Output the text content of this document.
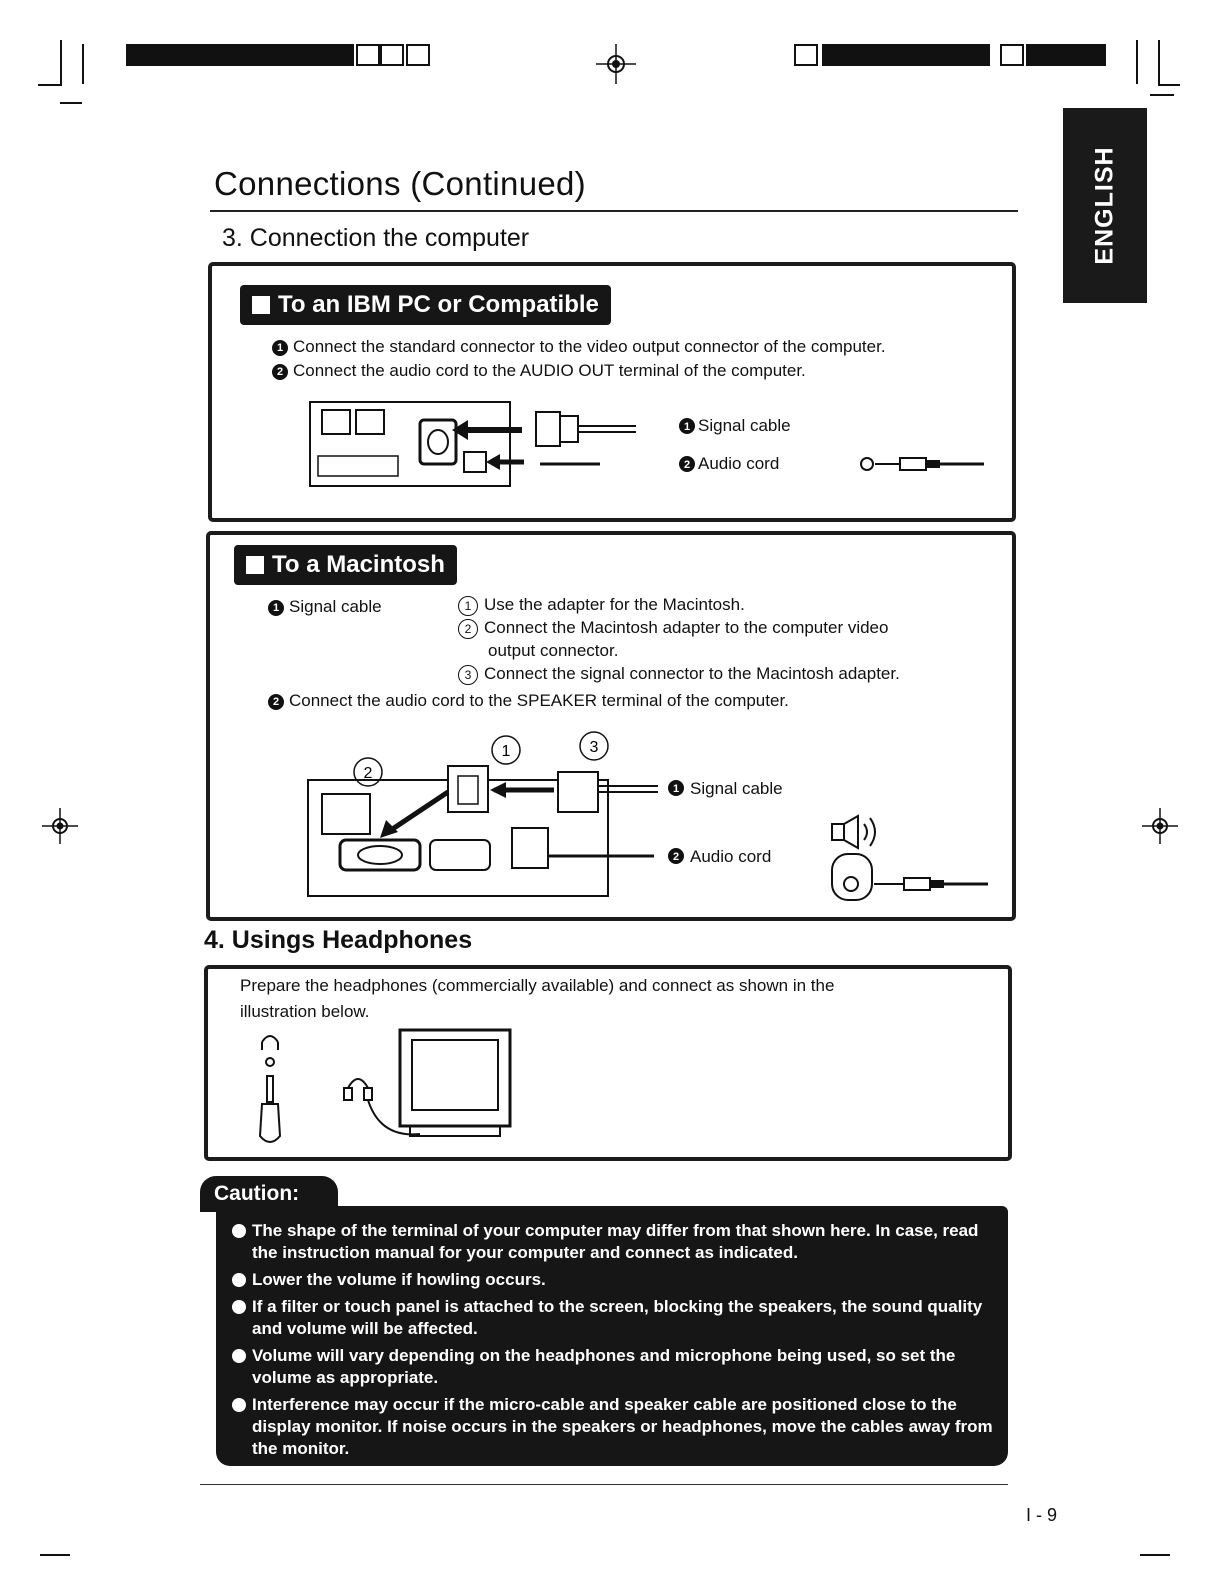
ENGLISH
Connections (Continued)
3. Connection the computer
To an IBM PC or Compatible
1 Connect the standard connector to the video output connector of the computer.
2 Connect the audio cord to the AUDIO OUT terminal of the computer.
1
2
Signal cable
Audio cord
To a Macintosh
1 Signal cable	1 Use the adapter for the Macintosh.
2 Connect the Macintosh adapter to the computer video
output connector.
3 Connect the signal connector to the Macintosh adapter.
2 Connect the audio cord to the SPEAKER terminal of the computer.
2
1	3
1
2
Signal cable
Audio cord
4. Usings Headphones
Prepare the headphones (commercially available) and connect as shown in the
illustration below.
Caution:
The shape of the terminal of your computer may differ from that shown here. In case, read the instruction manual for your computer and connect as indicated.
Lower the volume if howling occurs.
If a filter or touch panel is attached to the screen, blocking the speakers, the sound quality and volume will be affected.
Volume will vary depending on the headphones and microphone being used, so set the volume as appropriate.
Interference may occur if the micro-cable and speaker cable are positioned close to the display monitor. If noise occurs in the speakers or headphones, move the cables away from the monitor.
I - 9
